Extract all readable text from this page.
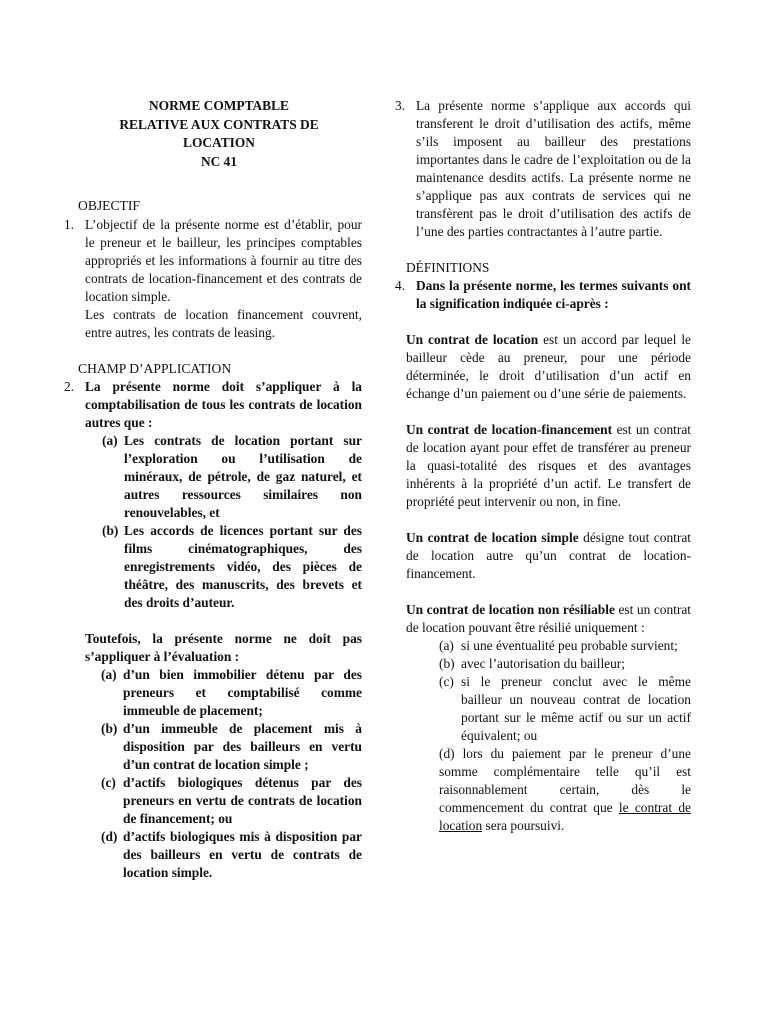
NORME COMPTABLE
RELATIVE AUX CONTRATS DE
LOCATION
NC 41
OBJECTIF
1. L’objectif de la présente norme est d’établir, pour le preneur et le bailleur, les principes comptables appropriés et les informations à fournir au titre des contrats de location-financement et des contrats de location simple.
Les contrats de location financement couvrent, entre autres, les contrats de leasing.
CHAMP D’APPLICATION
2. La présente norme doit s’appliquer à la comptabilisation de tous les contrats de location autres que :
(a) Les contrats de location portant sur l’exploration ou l’utilisation de minéraux, de pétrole, de gaz naturel, et autres ressources similaires non renouvelables, et
(b) Les accords de licences portant sur des films cinématographiques, des enregistrements vidéo, des pièces de théâtre, des manuscrits, des brevets et des droits d’auteur.
Toutefois, la présente norme ne doit pas s’appliquer à l’évaluation :
(a) d’un bien immobilier détenu par des preneurs et comptabilisé comme immeuble de placement;
(b) d’un immeuble de placement mis à disposition par des bailleurs en vertu d’un contrat de location simple ;
(c) d’actifs biologiques détenus par des preneurs en vertu de contrats de location de financement; ou
(d) d’actifs biologiques mis à disposition par des bailleurs en vertu de contrats de location simple.
3. La présente norme s’applique aux accords qui transferent le droit d’utilisation des actifs, même s’ils imposent au bailleur des prestations importantes dans le cadre de l’exploitation ou de la maintenance desdits actifs. La présente norme ne s’applique pas aux contrats de services qui ne transfèrent pas le droit d’utilisation des actifs de l’une des parties contractantes à l’autre partie.
DÉFINITIONS
4. Dans la présente norme, les termes suivants ont la signification indiquée ci-après :
Un contrat de location est un accord par lequel le bailleur cède au preneur, pour une période déterminée, le droit d’utilisation d’un actif en échange d’un paiement ou d’une série de paiements.
Un contrat de location-financement est un contrat de location ayant pour effet de transférer au preneur la quasi-totalité des risques et des avantages inhérents à la propriété d’un actif. Le transfert de propriété peut intervenir ou non, in fine.
Un contrat de location simple désigne tout contrat de location autre qu’un contrat de location-financement.
Un contrat de location non résiliable est un contrat de location pouvant être résilié uniquement :
(a) si une éventualité peu probable survient;
(b) avec l’autorisation du bailleur;
(c) si le preneur conclut avec le même bailleur un nouveau contrat de location portant sur le même actif ou sur un actif équivalent; ou
(d) lors du paiement par le preneur d’une somme complémentaire telle qu’il est raisonnablement certain, dès le commencement du contrat que le contrat de location sera poursuivi.
